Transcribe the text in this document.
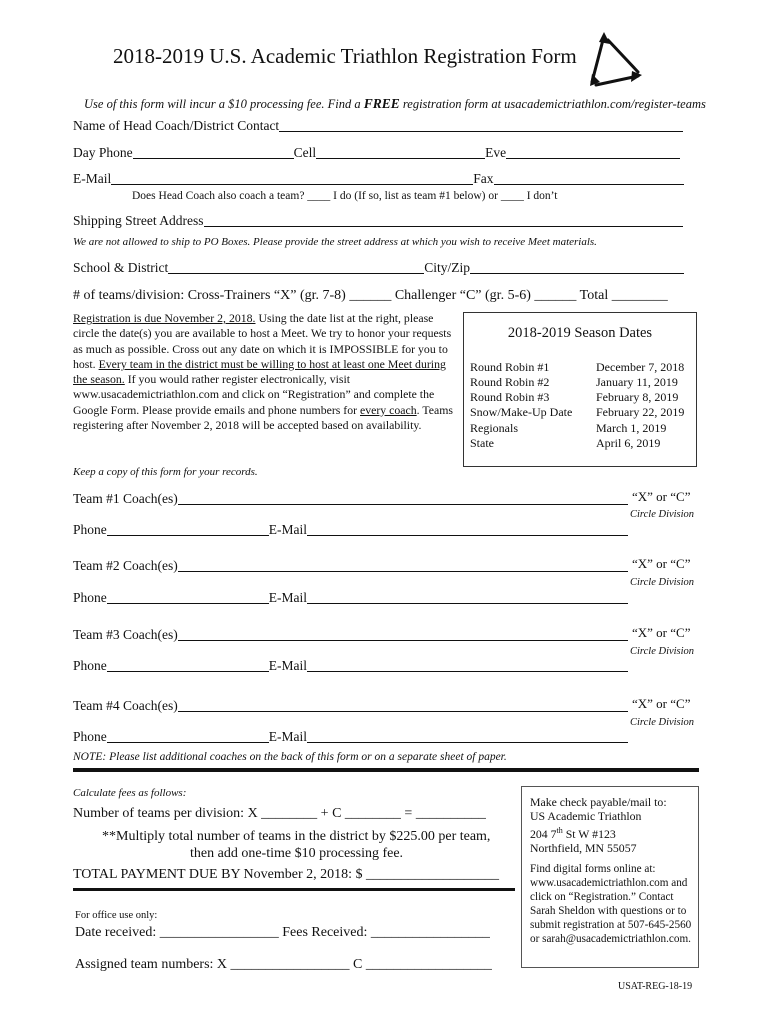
2018-2019 U.S. Academic Triathlon Registration Form
Use of this form will incur a $10 processing fee. Find a FREE registration form at usacademictriathlon.com/register-teams
Name of Head Coach/District Contact
Day Phone	Cell	Eve
E-Mail	Fax
Does Head Coach also coach a team? ____ I do (If so, list as team #1 below) or ____ I don’t
Shipping Street Address
We are not allowed to ship to PO Boxes. Please provide the street address at which you wish to receive Meet materials.
School & District	City/Zip
# of teams/division: Cross-Trainers “X” (gr. 7-8) ______ Challenger “C” (gr. 5-6) ______ Total ________
Registration is due November 2, 2018. Using the date list at the right, please circle the date(s) you are available to host a Meet. We try to honor your requests as much as possible. Cross out any date on which it is IMPOSSIBLE for you to host. Every team in the district must be willing to host at least one Meet during the season. If you would rather register electronically, visit www.usacademictriathlon.com and click on “Registration” and complete the Google Form. Please provide emails and phone numbers for every coach. Teams registering after November 2, 2018 will be accepted based on availability.
2018-2019 Season Dates
Round Robin #1	December 7, 2018
Round Robin #2	January 11, 2019
Round Robin #3	February 8, 2019
Snow/Make-Up Date February 22, 2019
Regionals	March 1, 2019
State	April 6, 2019
Keep a copy of this form for your records.
Team #1 Coach(es)	“X” or “C”
Circle Division
Phone	E-Mail
Team #2 Coach(es)	“X” or “C”
Circle Division
Phone	E-Mail
Team #3 Coach(es)	“X” or “C”
Circle Division
Phone	E-Mail
Team #4 Coach(es)	“X” or “C”
Circle Division
Phone	E-Mail
NOTE: Please list additional coaches on the back of this form or on a separate sheet of paper.
Calculate fees as follows:
Number of teams per division: X ________ + C ________ = __________
**Multiply total number of teams in the district by $225.00 per team,
then add one-time $10 processing fee.
TOTAL PAYMENT DUE BY November 2, 2018: $ ___________________
For office use only:
Date received: _________________ Fees Received: _________________
Assigned team numbers: X _________________ C __________________
Make check payable/mail to:
US Academic Triathlon
204 7th St W #123
Northfield, MN 55057
Find digital forms online at: www.usacademictriathlon.com and click on “Registration.” Contact Sarah Sheldon with questions or to submit registration at 507-645-2560 or sarah@usacademictriathlon.com.
USAT-REG-18-19
